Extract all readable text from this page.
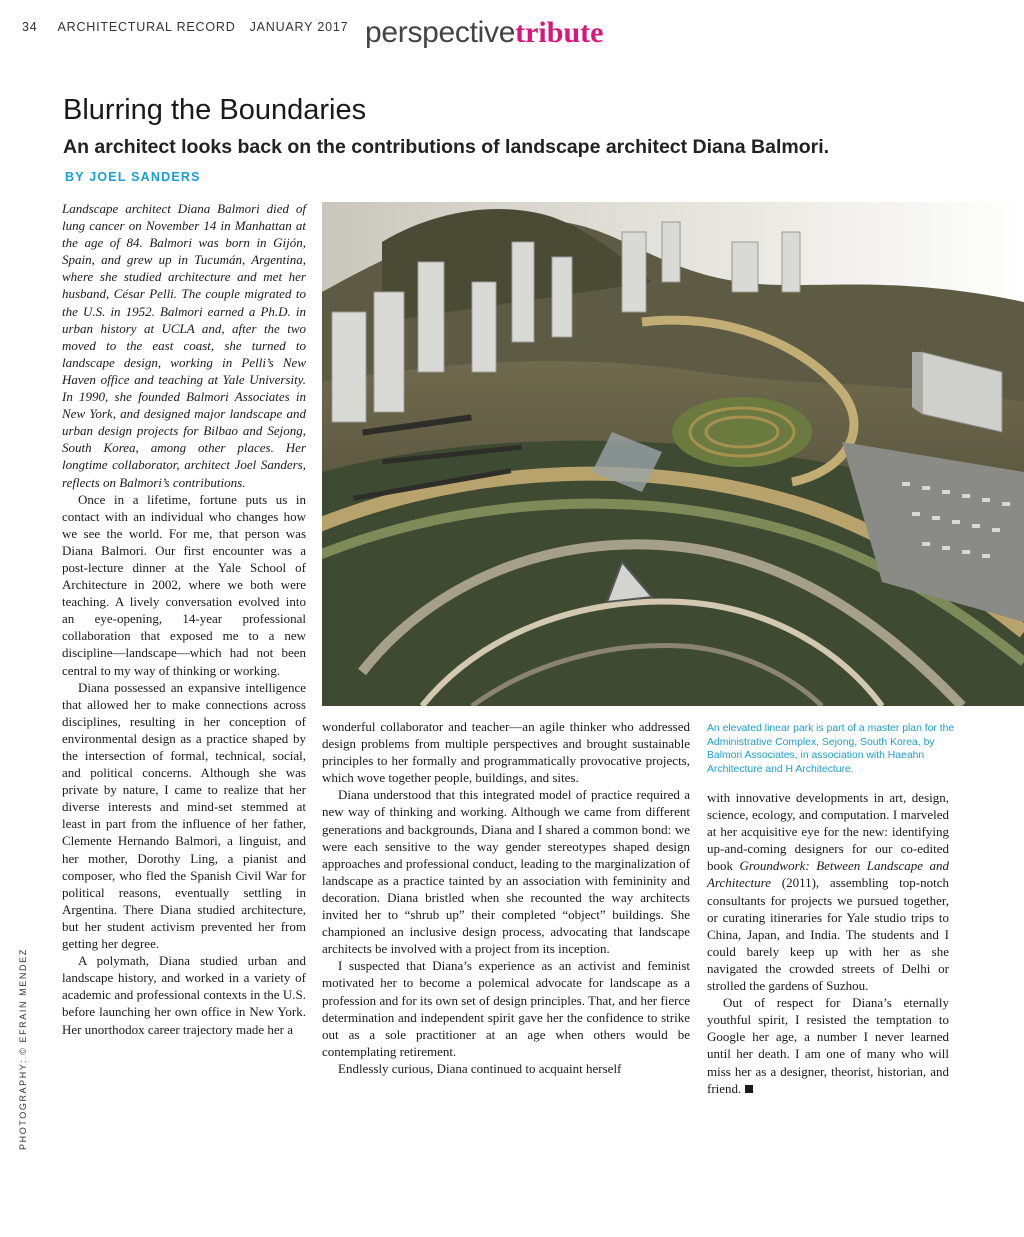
34 ARCHITECTURAL RECORD JANUARY 2017 perspectivetribute
Blurring the Boundaries
An architect looks back on the contributions of landscape architect Diana Balmori.
BY JOEL SANDERS

Landscape architect Diana Balmori died of lung cancer on November 14 in Manhattan at the age of 84. Balmori was born in Gijón, Spain, and grew up in Tucumán, Argentina, where she studied architecture and met her husband, César Pelli. The couple migrated to the U.S. in 1952. Balmori earned a Ph.D. in urban history at UCLA and, after the two moved to the east coast, she turned to landscape design, working in Pelli’s New Haven office and teaching at Yale University. In 1990, she founded Balmori Associates in New York, and designed major landscape and urban design projects for Bilbao and Sejong, South Korea, among other places. Her longtime collaborator, architect Joel Sanders, reflects on Balmori’s contributions.

Once in a lifetime, fortune puts us in contact with an individual who changes how we see the world. For me, that person was Diana Balmori. Our first encounter was a post-lecture dinner at the Yale School of Architecture in 2002, where we both were teaching. A lively conversation evolved into an eye-opening, 14-year professional collaboration that exposed me to a new discipline—landscape—which had not been central to my way of thinking or working.

Diana possessed an expansive intelligence that allowed her to make connections across disciplines, resulting in her conception of environmental design as a practice shaped by the intersection of formal, technical, social, and political concerns. Although she was private by nature, I came to realize that her diverse interests and mind-set stemmed at least in part from the influence of her father, Clemente Hernando Balmori, a linguist, and her mother, Dorothy Ling, a pianist and composer, who fled the Spanish Civil War for political reasons, eventually settling in Argentina. There Diana studied architecture, but her student activism prevented her from getting her degree.

A polymath, Diana studied urban and landscape history, and worked in a variety of academic and professional contexts in the U.S. before launching her own office in New York. Her unorthodox career trajectory made her a

An elevated linear park is part of a master plan for the Administrative Complex, Sejong, South Korea, by Balmori Associates, in association with Haeahn Architecture and H Architecture.

wonderful collaborator and teacher—an agile thinker who addressed design problems from multiple perspectives and brought sustainable principles to her formally and programmatically provocative projects, which wove together people, buildings, and sites.

Diana understood that this integrated model of practice required a new way of thinking and working. Although we came from different generations and backgrounds, Diana and I shared a common bond: we were each sensitive to the way gender stereotypes shaped design approaches and professional conduct, leading to the marginalization of landscape as a practice tainted by an association with femininity and decoration. Diana bristled when she recounted the way architects invited her to “shrub up” their completed “object” buildings. She championed an inclusive design process, advocating that landscape architects be involved with a project from its inception.

I suspected that Diana’s experience as an activist and feminist motivated her to become a polemical advocate for landscape as a profession and for its own set of design principles. That, and her fierce determination and independent spirit gave her the confidence to strike out as a sole practitioner at an age when others would be contemplating retirement.

Endlessly curious, Diana continued to acquaint herself

with innovative developments in art, design, science, ecology, and computation. I marveled at her acquisitive eye for the new: identifying up-and-coming designers for our co-edited book Groundwork: Between Landscape and Architecture (2011), assembling top-notch consultants for projects we pursued together, or curating itineraries for Yale studio trips to China, Japan, and India. The students and I could barely keep up with her as she navigated the crowded streets of Delhi or strolled the gardens of Suzhou.

Out of respect for Diana’s eternally youthful spirit, I resisted the temptation to Google her age, a number I never learned until her death. I am one of many who will miss her as a designer, theorist, historian, and friend.

PHOTOGRAPHY: © EFRAIN MENDEZ
